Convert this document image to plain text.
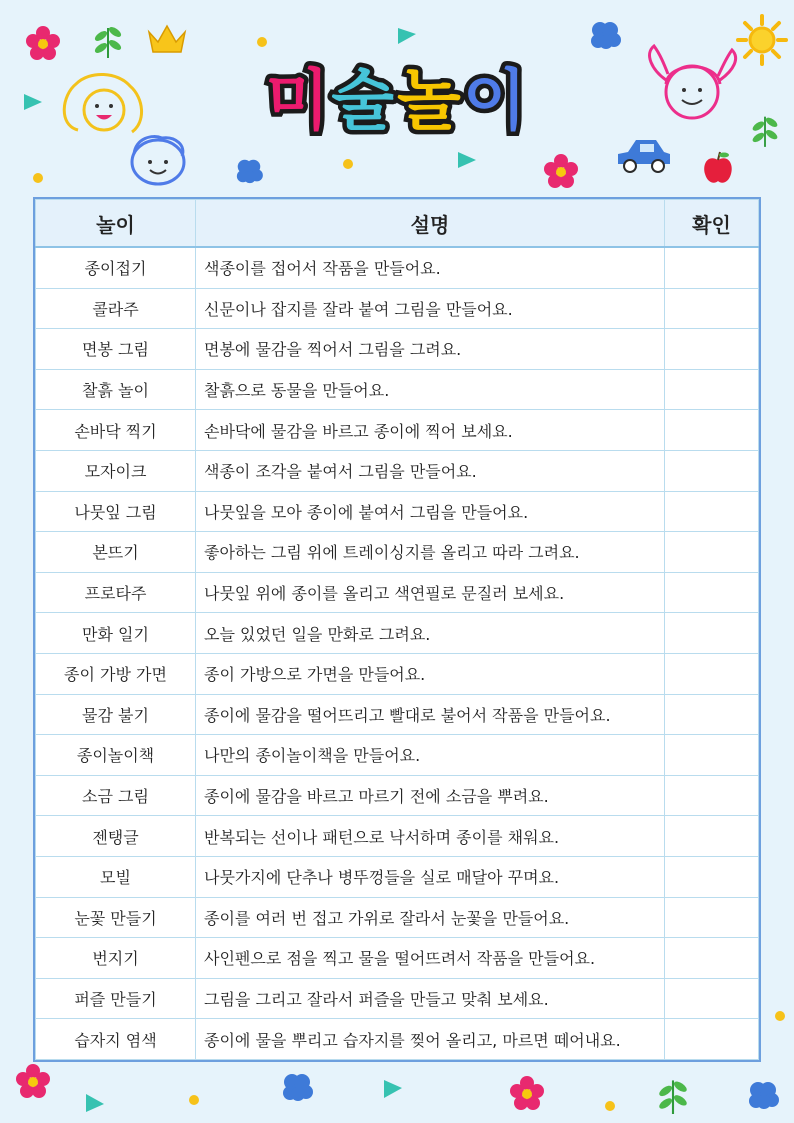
미술놀이
놀이	설명	확인
종이접기	색종이를 접어서 작품을 만들어요.	
콜라주	신문이나 잡지를 잘라 붙여 그림을 만들어요.	
면봉 그림	면봉에 물감을 찍어서 그림을 그려요.	
찰흙 놀이	찰흙으로 동물을 만들어요.	
손바닥 찍기	손바닥에 물감을 바르고 종이에 찍어 보세요.	
모자이크	색종이 조각을 붙여서 그림을 만들어요.	
나뭇잎 그림	나뭇잎을 모아 종이에 붙여서 그림을 만들어요.	
본뜨기	좋아하는 그림 위에 트레이싱지를 올리고 따라 그려요.	
프로타주	나뭇잎 위에 종이를 올리고 색연필로 문질러 보세요.	
만화 일기	오늘 있었던 일을 만화로 그려요.	
종이 가방 가면	종이 가방으로 가면을 만들어요.	
물감 불기	종이에 물감을 떨어뜨리고 빨대로 불어서 작품을 만들어요.	
종이놀이책	나만의 종이놀이책을 만들어요.	
소금 그림	종이에 물감을 바르고 마르기 전에 소금을 뿌려요.	
젠탱글	반복되는 선이나 패턴으로 낙서하며 종이를 채워요.	
모빌	나뭇가지에 단추나 병뚜껑들을 실로 매달아 꾸며요.	
눈꽃 만들기	종이를 여러 번 접고 가위로 잘라서 눈꽃을 만들어요.	
번지기	사인펜으로 점을 찍고 물을 떨어뜨려서 작품을 만들어요.	
퍼즐 만들기	그림을 그리고 잘라서 퍼즐을 만들고 맞춰 보세요.	
습자지 염색	종이에 물을 뿌리고 습자지를 찢어 올리고, 마르면 떼어내요.	
